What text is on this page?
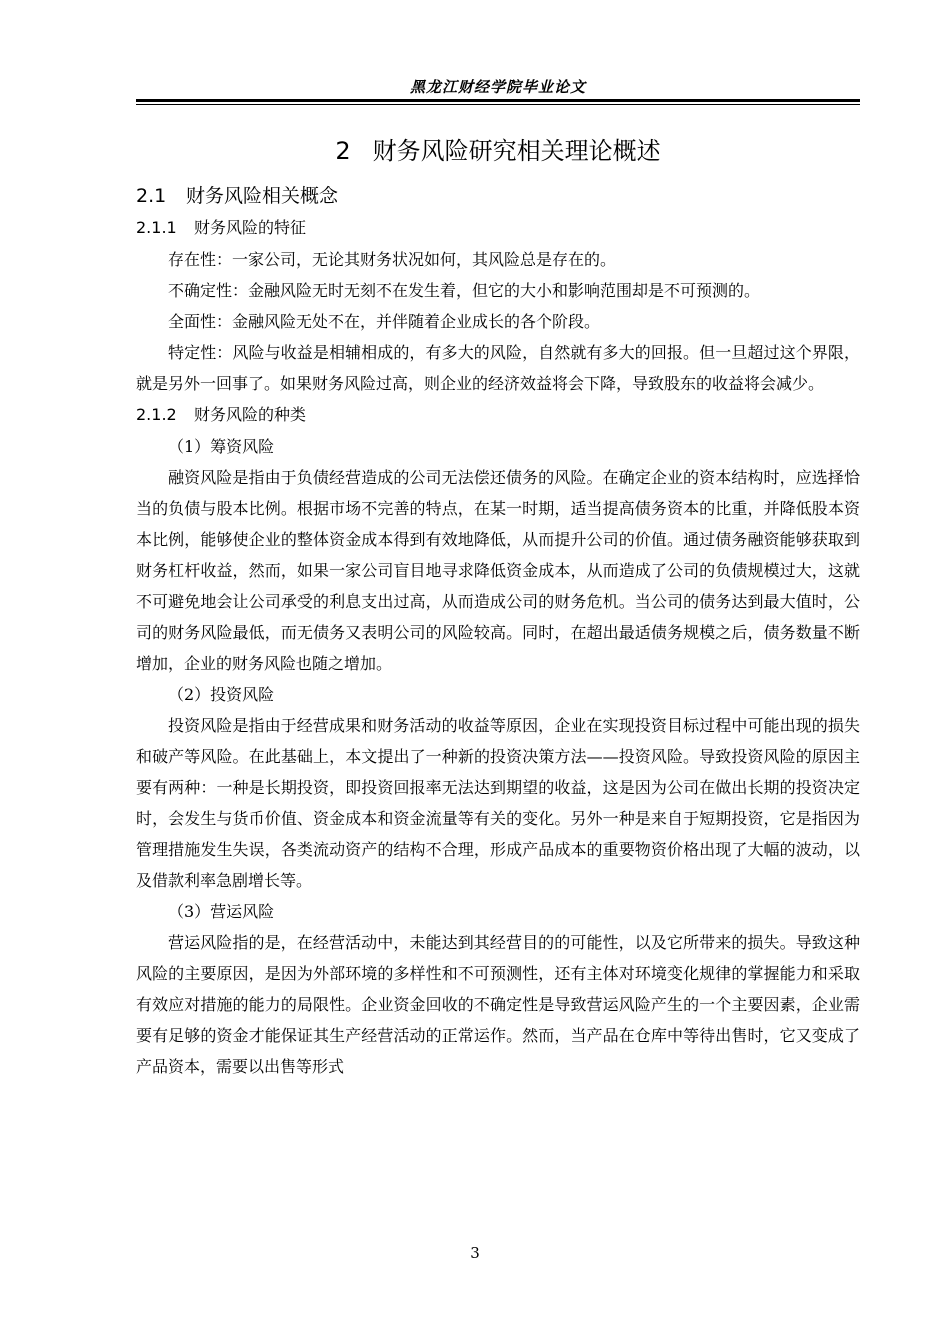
黑龙江财经学院毕业论文
2 财务风险研究相关理论概述
2.1 财务风险相关概念
2.1.1 财务风险的特征

存在性：一家公司，无论其财务状况如何，其风险总是存在的。

不确定性：金融风险无时无刻不在发生着，但它的大小和影响范围却是不可预测的。

全面性：金融风险无处不在，并伴随着企业成长的各个阶段。

特定性：风险与收益是相辅相成的，有多大的风险，自然就有多大的回报。但一旦超过这个界限，就是另外一回事了。如果财务风险过高，则企业的经济效益将会下降，导致股东的收益将会减少。

2.1.2 财务风险的种类

（1）筹资风险

融资风险是指由于负债经营造成的公司无法偿还债务的风险。在确定企业的资本结构时，应选择恰当的负债与股本比例。根据市场不完善的特点，在某一时期，适当提高债务资本的比重，并降低股本资本比例，能够使企业的整体资金成本得到有效地降低，从而提升公司的价值。通过债务融资能够获取到财务杠杆收益，然而，如果一家公司盲目地寻求降低资金成本，从而造成了公司的负债规模过大，这就不可避免地会让公司承受的利息支出过高，从而造成公司的财务危机。当公司的债务达到最大值时，公司的财务风险最低，而无债务又表明公司的风险较高。同时，在超出最适债务规模之后，债务数量不断增加，企业的财务风险也随之增加。

（2）投资风险

投资风险是指由于经营成果和财务活动的收益等原因，企业在实现投资目标过程中可能出现的损失和破产等风险。在此基础上，本文提出了一种新的投资决策方法——投资风险。导致投资风险的原因主要有两种：一种是长期投资，即投资回报率无法达到期望的收益，这是因为公司在做出长期的投资决定时，会发生与货币价值、资金成本和资金流量等有关的变化。另外一种是来自于短期投资，它是指因为管理措施发生失误，各类流动资产的结构不合理，形成产品成本的重要物资价格出现了大幅的波动，以及借款利率急剧增长等。

（3）营运风险

营运风险指的是，在经营活动中，未能达到其经营目的的可能性，以及它所带来的损失。导致这种风险的主要原因，是因为外部环境的多样性和不可预测性，还有主体对环境变化规律的掌握能力和采取有效应对措施的能力的局限性。企业资金回收的不确定性是导致营运风险产生的一个主要因素，企业需要有足够的资金才能保证其生产经营活动的正常运作。然而，当产品在仓库中等待出售时，它又变成了产品资本，需要以出售等形式

3
